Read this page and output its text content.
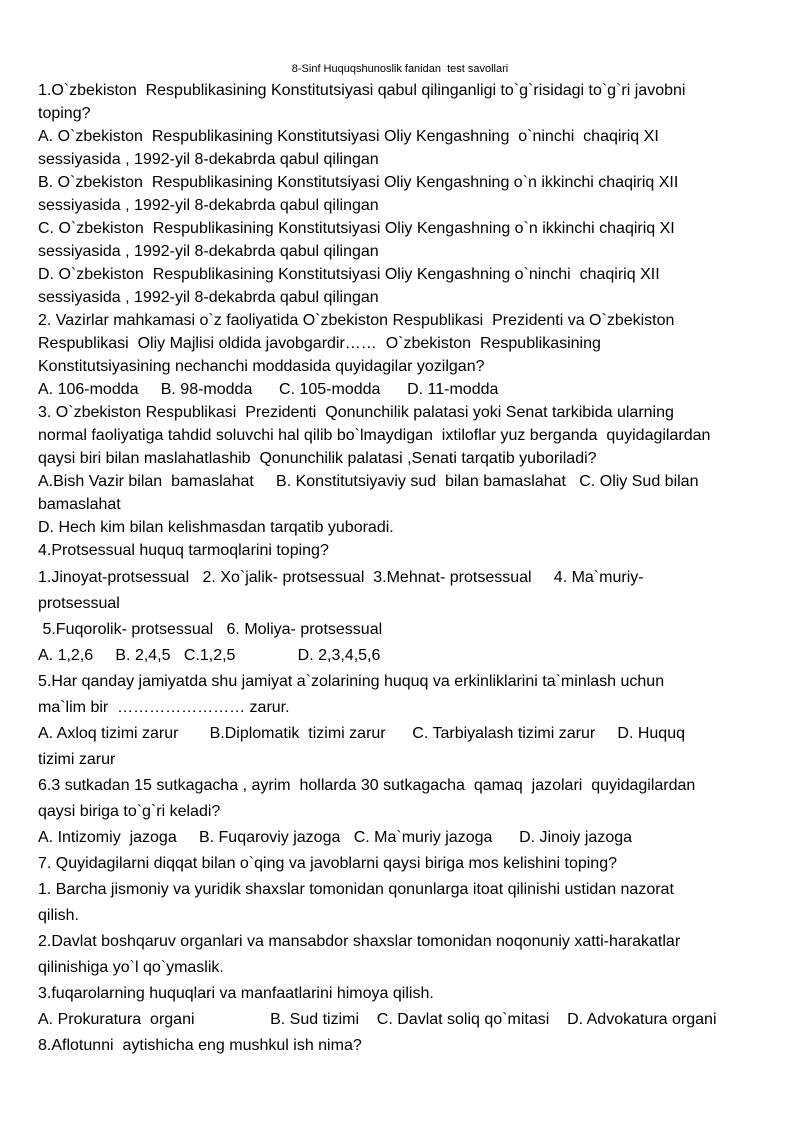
8-Sinf Huquqshunoslik fanidan  test savollari
1.O`zbekiston  Respublikasining Konstitutsiyasi qabul qilinganligi to`g`risidagi to`g`ri javobni
toping?
A. O`zbekiston  Respublikasining Konstitutsiyasi Oliy Kengashning  o`ninchi  chaqiriq XI
sessiyasida , 1992-yil 8-dekabrda qabul qilingan
B. O`zbekiston  Respublikasining Konstitutsiyasi Oliy Kengashning o`n ikkinchi chaqiriq XII
sessiyasida , 1992-yil 8-dekabrda qabul qilingan
C. O`zbekiston  Respublikasining Konstitutsiyasi Oliy Kengashning o`n ikkinchi chaqiriq XI
sessiyasida , 1992-yil 8-dekabrda qabul qilingan
D. O`zbekiston  Respublikasining Konstitutsiyasi Oliy Kengashning o`ninchi  chaqiriq XII
sessiyasida , 1992-yil 8-dekabrda qabul qilingan
2. Vazirlar mahkamasi o`z faoliyatida O`zbekiston Respublikasi  Prezidenti va O`zbekiston
Respublikasi  Oliy Majlisi oldida javobgardir……  O`zbekiston  Respublikasining
Konstitutsiyasining nechanchi moddasida quyidagilar yozilgan?
A. 106-modda     B. 98-modda      C. 105-modda      D. 11-modda
3. O`zbekiston Respublikasi  Prezidenti  Qonunchilik palatasi yoki Senat tarkibida ularning
normal faoliyatiga tahdid soluvchi hal qilib bo`lmaydigan  ixtiloflar yuz berganda  quyidagilardan
qaysi biri bilan maslahatlashib  Qonunchilik palatasi ,Senati tarqatib yuboriladi?
A.Bish Vazir bilan  bamaslahat     B. Konstitutsiyaviy sud  bilan bamaslahat   C. Oliy Sud bilan
bamaslahat
D. Hech kim bilan kelishmasdan tarqatib yuboradi.
4.Protsessual huquq tarmoqlarini toping?
1.Jinoyat-protsessual   2. Xo`jalik- protsessual  3.Mehnat- protsessual     4. Ma`muriy-
protsessual
5.Fuqorolik- protsessual   6. Moliya- protsessual
A. 1,2,6     B. 2,4,5   C.1,2,5              D. 2,3,4,5,6
5.Har qanday jamiyatda shu jamiyat a`zolarining huquq va erkinliklarini ta`minlash uchun
ma`lim bir  …………………… zarur.
A. Axloq tizimi zarur       B.Diplomatik  tizimi zarur      C. Tarbiyalash tizimi zarur     D. Huquq
tizimi zarur
6.3 sutkadan 15 sutkagacha , ayrim  hollarda 30 sutkagacha  qamaq  jazolari  quyidagilardan
qaysi biriga to`g`ri keladi?
A. Intizomiy  jazoga     B. Fuqaroviy jazoga   C. Ma`muriy jazoga      D. Jinoiy jazoga
7. Quyidagilarni diqqat bilan o`qing va javoblarni qaysi biriga mos kelishini toping?
1. Barcha jismoniy va yuridik shaxslar tomonidan qonunlarga itoat qilinishi ustidan nazorat
qilish.
2.Davlat boshqaruv organlari va mansabdor shaxslar tomonidan noqonuniy xatti-harakatlar
qilinishiga yo`l qo`ymaslik.
3.fuqarolarning huquqlari va manfaatlarini himoya qilish.
A. Prokuratura  organi                 B. Sud tizimi    C. Davlat soliq qo`mitasi    D. Advokatura organi
8.Aflotunni  aytishicha eng mushkul ish nima?
